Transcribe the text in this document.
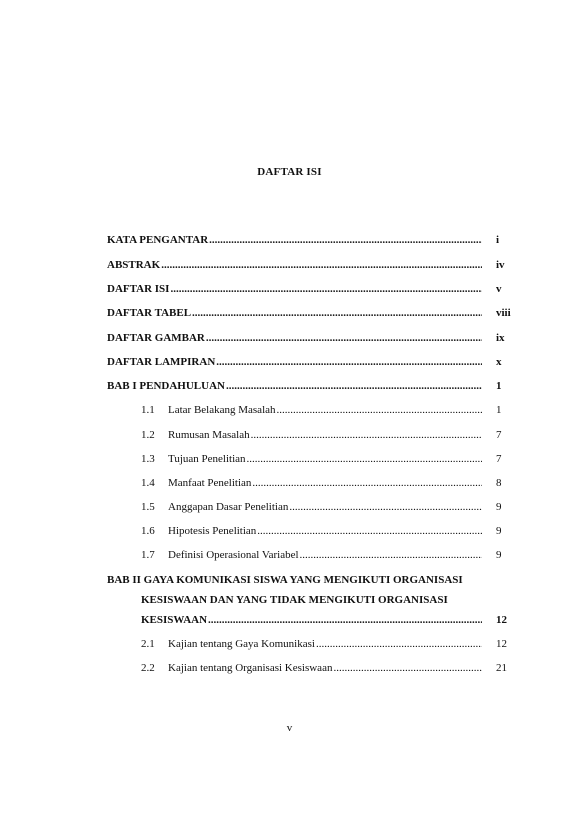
DAFTAR ISI
KATA PENGANTAR .....	i
ABSTRAK .....	iv
DAFTAR ISI .....	v
DAFTAR TABEL .....	viii
DAFTAR GAMBAR .....	ix
DAFTAR LAMPIRAN .....	x
BAB I PENDAHULUAN .....	1
1.1 Latar Belakang Masalah .....	1
1.2 Rumusan Masalah .....	7
1.3 Tujuan Penelitian .....	7
1.4 Manfaat Penelitian .....	8
1.5 Anggapan Dasar Penelitian .....	9
1.6 Hipotesis Penelitian .....	9
1.7 Definisi Operasional Variabel .....	9
BAB II GAYA KOMUNIKASI SISWA YANG MENGIKUTI ORGANISASI
KESISWAAN DAN YANG TIDAK MENGIKUTI ORGANISASI
KESISWAAN .....	12
2.1 Kajian tentang Gaya Komunikasi .....	12
2.2 Kajian tentang Organisasi Kesiswaan .....	21
v
